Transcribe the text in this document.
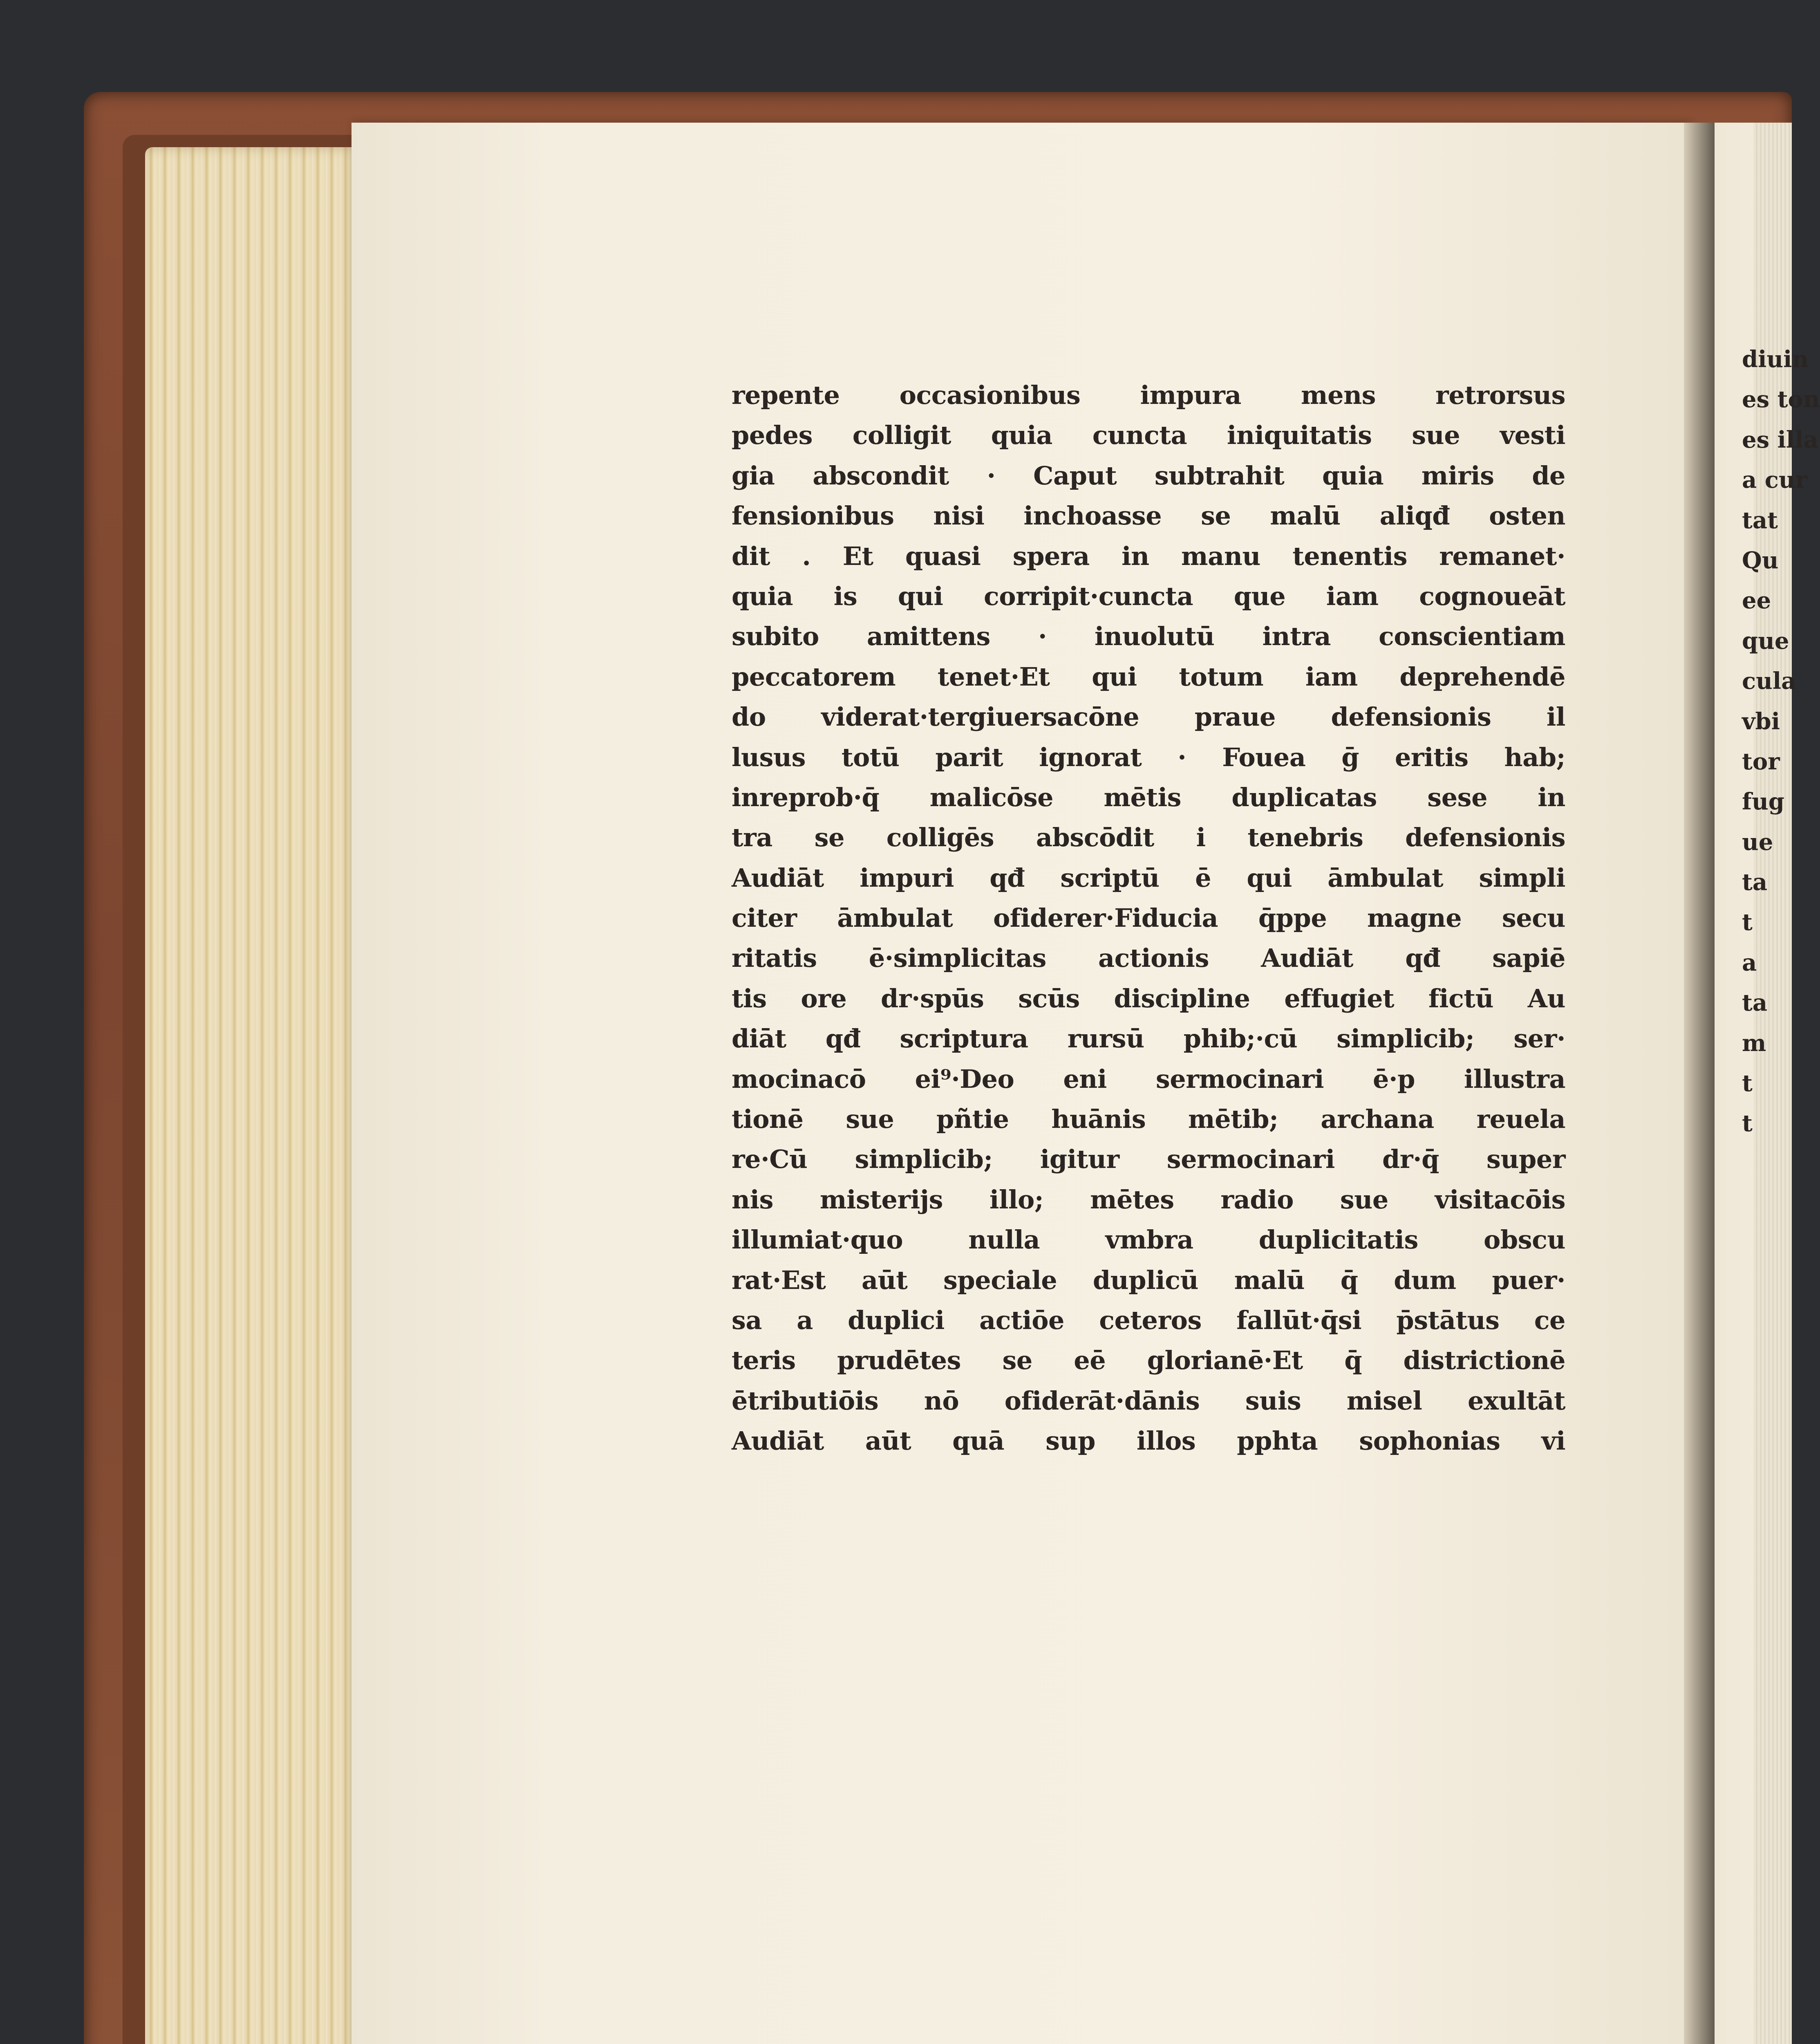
repente occasionibus impura mens retrorsus
pedes colligit quia cuncta iniquitatis sue vesti
gia abscondit · Caput subtrahit quia miris de
fensionibus nisi inchoasse se malū aliqđ osten
dit . Et quasi spera in manu tenentis remanet·
quia is qui corripit·cuncta que iam cognoueāt
subito amittens · inuolutū intra conscientiam
peccatorem tenet·Et qui totum iam deprehendē
do viderat·tergiuersacōne praue defensionis il
lusus totū parit ignorat · Fouea ḡ eritis hab;
inreprob·q̄ malicōse mētis duplicatas sese in
tra se colligēs abscōdit i tenebris defensionis
Audiāt impuri qđ scriptū ē qui āmbulat simpli
citer āmbulat ofiderer·Fiducia q̄ppe magne secu
ritatis ē·simplicitas actionis Audiāt qđ sapiē
tis ore dr·spūs scūs discipline effugiet fictū Au
diāt qđ scriptura rursū phib;·cū simplicib; ser·
mocinacō ei⁹·Deo eni sermocinari ē·p illustra
tionē sue pñtie huānis mētib; archana reuela
re·Cū simplicib; igitur sermocinari dr·q̄ super
nis misterijs illo; mētes radio sue visitacōis
illumiat·quo nulla vmbra duplicitatis obscu
rat·Est aūt speciale duplicū malū q̄ dum puer·
sa a duplici actiōe ceteros fallūt·q̄si p̄stātus ce
teris prudētes se eē glorianē·Et q̄ districtionē
ētributiōis nō ofiderāt·dānis suis misel exultāt
Audiāt aūt quā sup illos pphta sophonias vi
diuin
es ton
es illa
a cur
tat
Qu
ee
que
cula
vbi
tor
fug
ue
ta
t
a
ta
m
t
t
